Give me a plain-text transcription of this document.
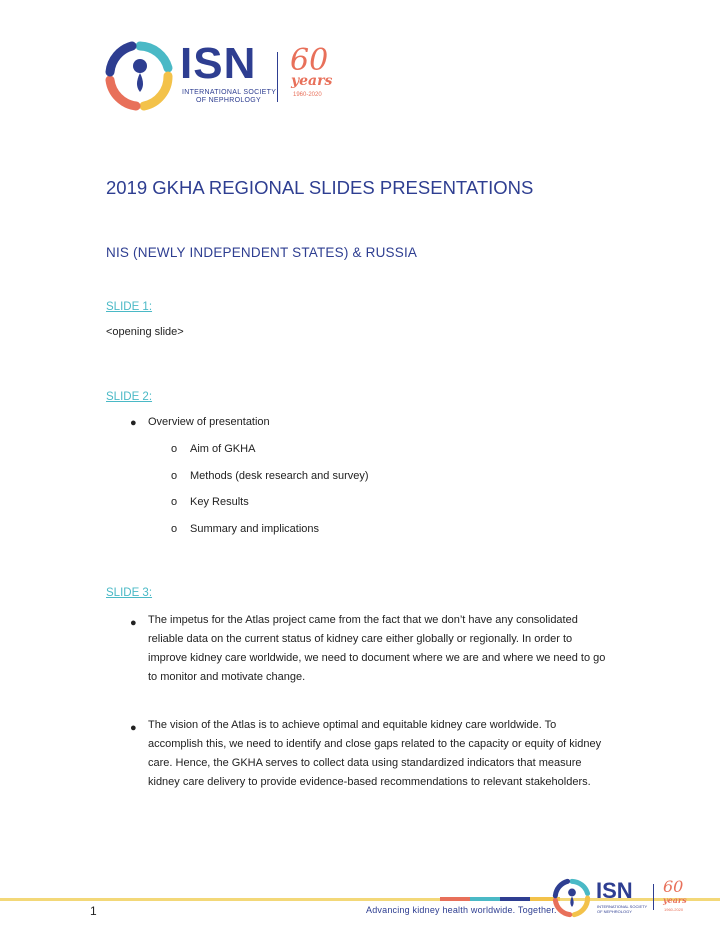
ISN
INTERNATIONAL SOCIETY
OF NEPHROLOGY
60
years
1960-2020
2019 GKHA REGIONAL SLIDES PRESENTATIONS
NIS (NEWLY INDEPENDENT STATES) & RUSSIA
SLIDE 1:
<opening slide>
SLIDE 2:
● Overview of presentation
o Aim of GKHA
o Methods (desk research and survey)
o Key Results
o Summary and implications
SLIDE 3:
● The impetus for the Atlas project came from the fact that we don’t have any consolidated reliable data on the current status of kidney care either globally or regionally. In order to improve kidney care worldwide, we need to document where we are and where we need to go to monitor and motivate change.
● The vision of the Atlas is to achieve optimal and equitable kidney care worldwide. To accomplish this, we need to identify and close gaps related to the capacity or equity of kidney care. Hence, the GKHA serves to collect data using standardized indicators that measure kidney care delivery to provide evidence-based recommendations to relevant stakeholders.
1	Advancing kidney health worldwide. Together.
ISN
INTERNATIONAL SOCIETY
OF NEPHROLOGY
60
years
1960-2020
